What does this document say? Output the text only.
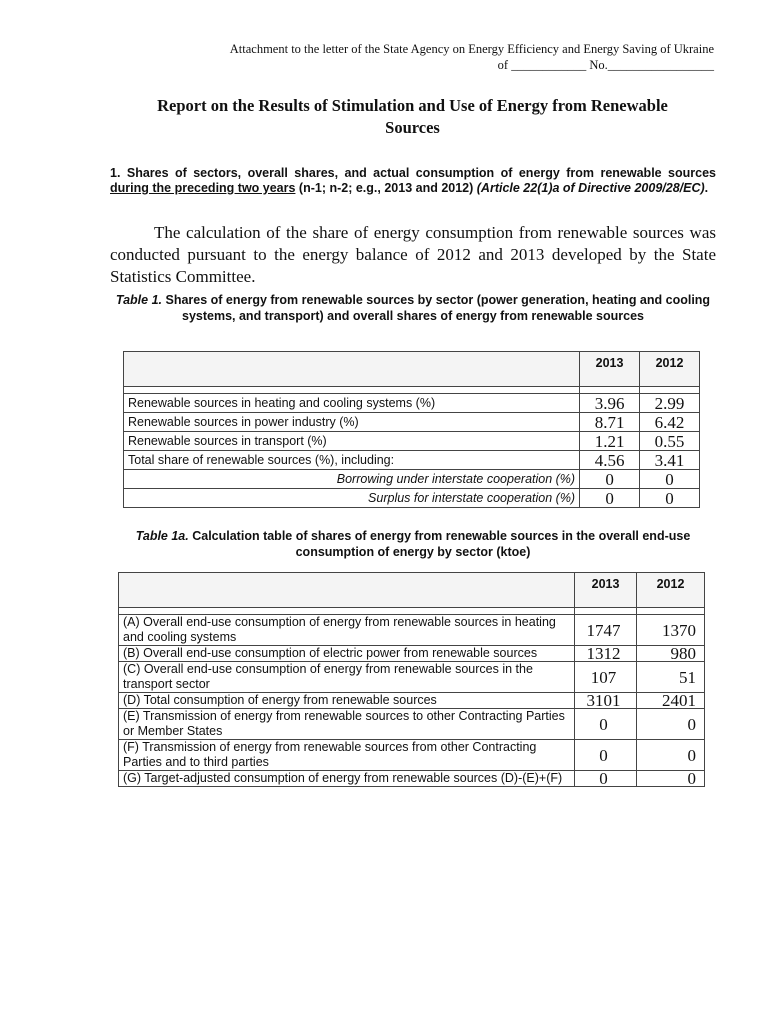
Attachment to the letter of the State Agency on Energy Efficiency and Energy Saving of Ukraine
of ____________ No._________________
Report on the Results of Stimulation and Use of Energy from Renewable
Sources
1. Shares of sectors, overall shares, and actual consumption of energy from renewable sources during the preceding two years (n-1; n-2; e.g., 2013 and 2012) (Article 22(1)a of Directive 2009/28/EC).
The calculation of the share of energy consumption from renewable sources was conducted pursuant to the energy balance of 2012 and 2013 developed by the State Statistics Committee.
Table 1. Shares of energy from renewable sources by sector (power generation, heating and cooling systems, and transport) and overall shares of energy from renewable sources
	2013	2012

Renewable sources in heating and cooling systems (%)	3.96	2.99
Renewable sources in power industry (%)	8.71	6.42
Renewable sources in transport (%)	1.21	0.55
Total share of renewable sources (%), including:	4.56	3.41
Borrowing under interstate cooperation (%)	0	0
Surplus for interstate cooperation (%)	0	0
Table 1a. Calculation table of shares of energy from renewable sources in the overall end-use consumption of energy by sector (ktoe)
	2013	2012

(A) Overall end-use consumption of energy from renewable sources in heating and cooling systems	1747	1370
(B) Overall end-use consumption of electric power from renewable sources	1312	980
(C) Overall end-use consumption of energy from renewable sources in the transport sector	107	51
(D) Total consumption of energy from renewable sources	3101	2401
(E) Transmission of energy from renewable sources to other Contracting Parties or Member States	0	0
(F) Transmission of energy from renewable sources from other Contracting Parties and to third parties	0	0
(G) Target-adjusted consumption of energy from renewable sources (D)-(E)+(F)	0	0
